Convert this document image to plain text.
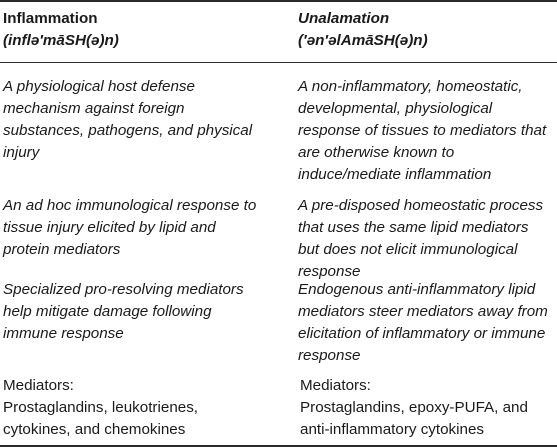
Inflammation
(inflə′māSH(ə)n)
Unalamation
(′ən′əlAmāSH(ə)n)
A physiological host defense
mechanism against foreign
substances, pathogens, and physical
injury
A non-inflammatory, homeostatic,
developmental, physiological
response of tissues to mediators that
are otherwise known to
induce/mediate inflammation
An ad hoc immunological response to
tissue injury elicited by lipid and
protein mediators
A pre-disposed homeostatic process
that uses the same lipid mediators
but does not elicit immunological
response
Specialized pro-resolving mediators
help mitigate damage following
immune response
Endogenous anti-inflammatory lipid
mediators steer mediators away from
elicitation of inflammatory or immune
response
Mediators:
Prostaglandins, leukotrienes,
cytokines, and chemokines
Mediators:
Prostaglandins, epoxy-PUFA, and
anti-inflammatory cytokines
